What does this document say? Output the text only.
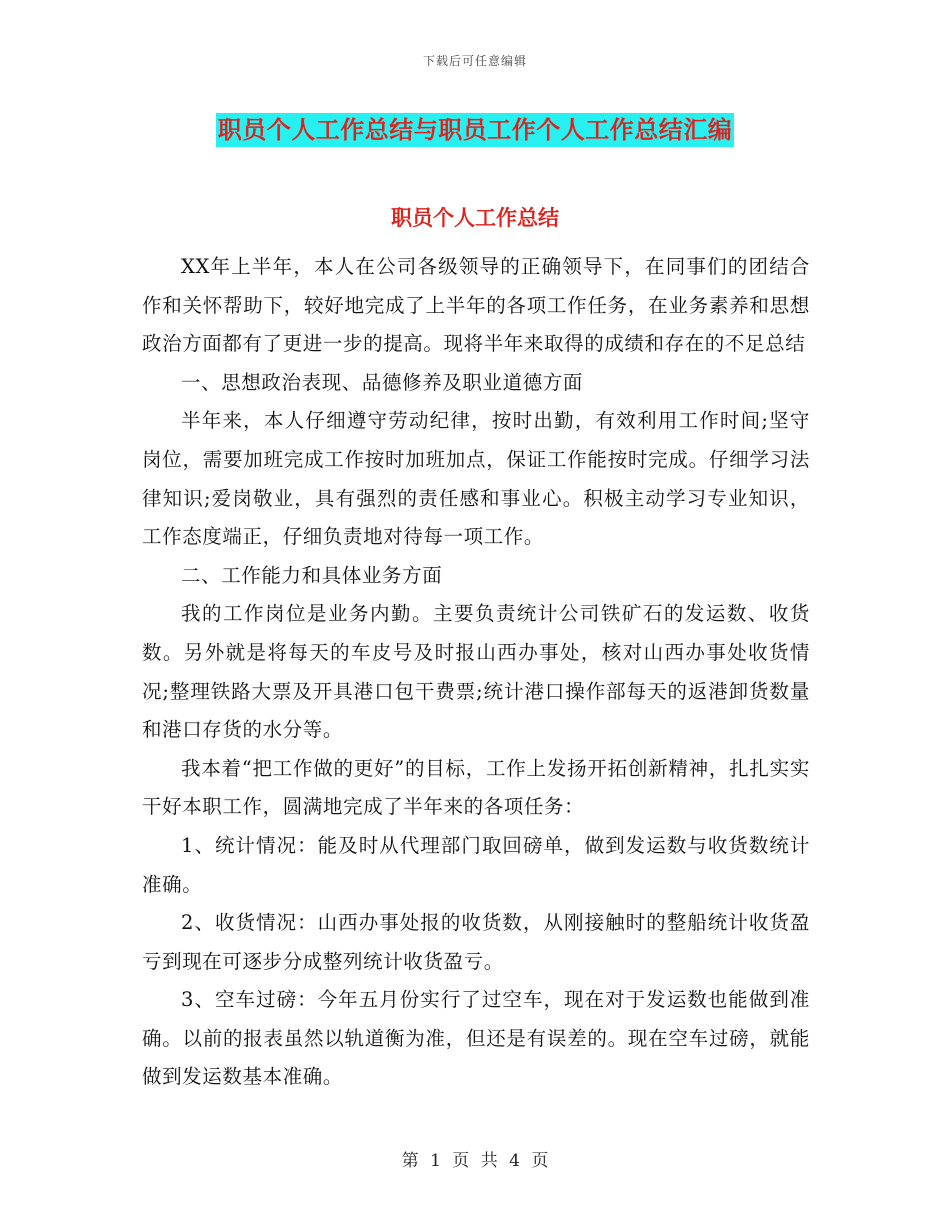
下载后可任意编辑
职员个人工作总结与职员工作个人工作总结汇编
职员个人工作总结

XX年上半年，本人在公司各级领导的正确领导下，在同事们的团结合作和关怀帮助下，较好地完成了上半年的各项工作任务，在业务素养和思想政治方面都有了更进一步的提高。现将半年来取得的成绩和存在的不足总结

一、思想政治表现、品德修养及职业道德方面

半年来，本人仔细遵守劳动纪律，按时出勤，有效利用工作时间;坚守岗位，需要加班完成工作按时加班加点，保证工作能按时完成。仔细学习法律知识;爱岗敬业，具有强烈的责任感和事业心。积极主动学习专业知识，工作态度端正，仔细负责地对待每一项工作。

二、工作能力和具体业务方面

我的工作岗位是业务内勤。主要负责统计公司铁矿石的发运数、收货数。另外就是将每天的车皮号及时报山西办事处，核对山西办事处收货情况;整理铁路大票及开具港口包干费票;统计港口操作部每天的返港卸货数量和港口存货的水分等。

我本着“把工作做的更好”的目标，工作上发扬开拓创新精神，扎扎实实干好本职工作，圆满地完成了半年来的各项任务：

1、统计情况：能及时从代理部门取回磅单，做到发运数与收货数统计准确。

2、收货情况：山西办事处报的收货数，从刚接触时的整船统计收货盈亏到现在可逐步分成整列统计收货盈亏。

3、空车过磅：今年五月份实行了过空车，现在对于发运数也能做到准确。以前的报表虽然以轨道衡为准，但还是有误差的。现在空车过磅，就能做到发运数基本准确。

第 1 页 共 4 页
